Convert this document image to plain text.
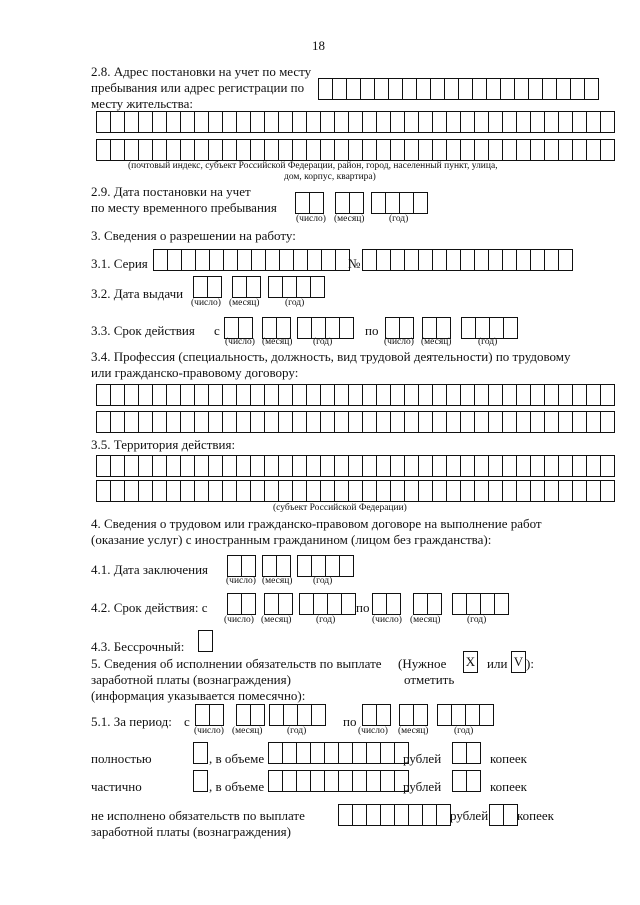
18
2.8. Адрес постановки на учет по месту
пребывания или адрес регистрации по
месту жительства:
(почтовый индекс, субъект Российской Федерации, район, город, населенный пункт, улица,
дом, корпус, квартира)
2.9. Дата постановки на учет
по месту временного пребывания
(число) (месяц)	(год)
3. Сведения о разрешении на работу:
3.1. Серия	№
3.2. Дата выдачи
(число) (месяц)	(год)
3.3. Срок действия с
(число) (месяц) (год)
по
(число) (месяц)	(год)
3.4. Профессия (специальность, должность, вид трудовой деятельности) по трудовому
или гражданско-правовому договору:
3.5. Территория действия:
(субъект Российской Федерации)
4. Сведения о трудовом или гражданско-правовом договоре на выполнение работ
(оказание услуг) с иностранным гражданином (лицом без гражданства):
4.1. Дата заключения
(число) (месяц) (год)
4.2. Срок действия: с
(число) (месяц)	(год)
по
(число) (месяц)	(год)
4.3. Бессрочный:
5. Сведения об исполнении обязательств по выплате
заработной платы (вознаграждения)
(информация указывается помесячно):
(Нужное X или V ):
отметить
5.1. За период: с
(число) (месяц)	(год)
по
(число) (месяц)	(год)
полностью	, в объеме	рублей	копеек
частично	, в объеме	рублей	копеек
не исполнено обязательств по выплате
заработной платы (вознаграждения)
рублей копеек
